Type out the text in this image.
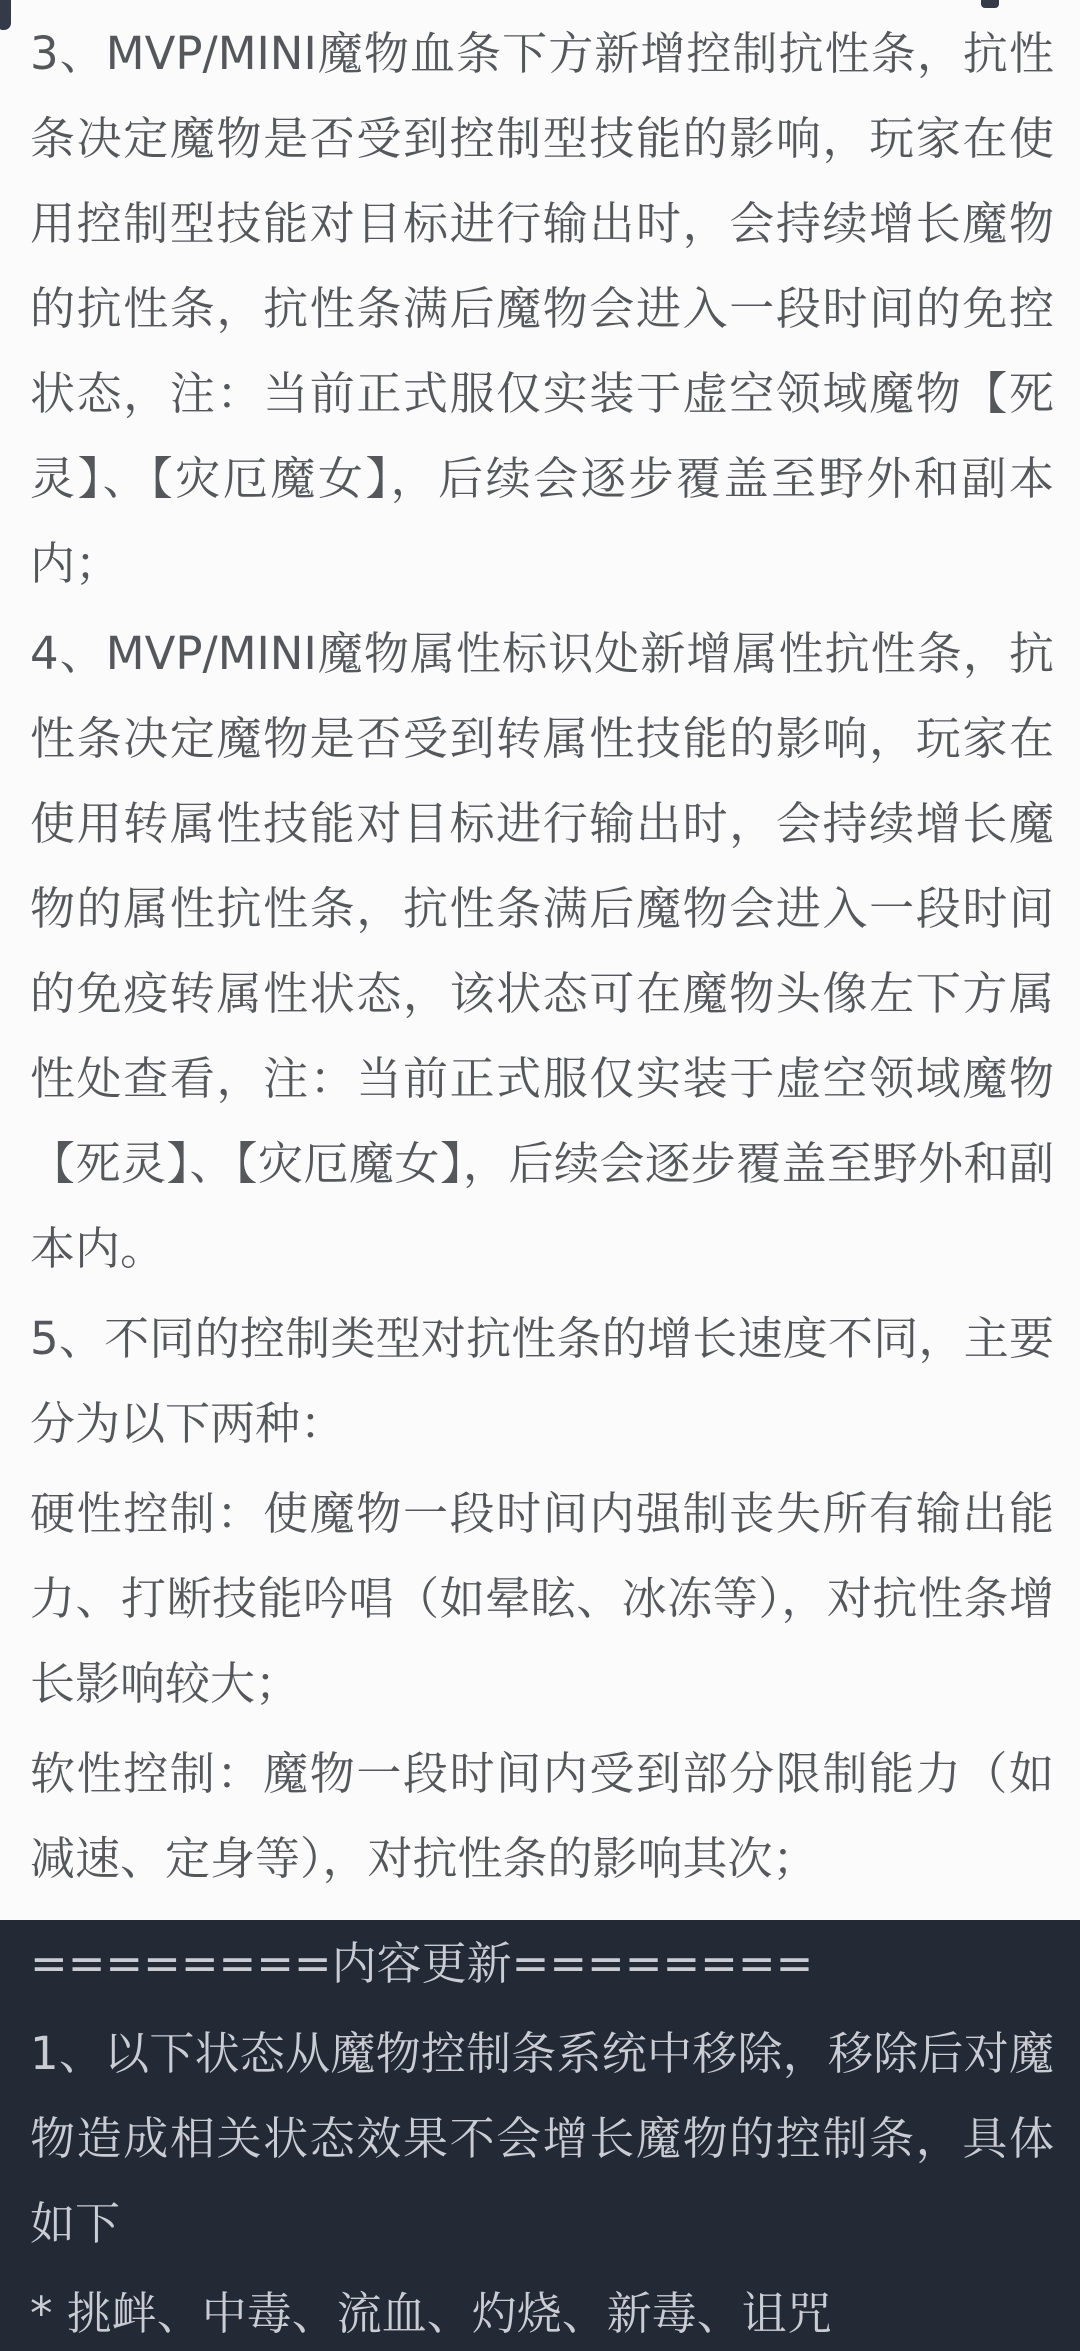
3、MVP/MINI魔物血条下方新增控制抗性条，抗性条决定魔物是否受到控制型技能的影响，玩家在使用控制型技能对目标进行输出时，会持续增长魔物的抗性条，抗性条满后魔物会进入一段时间的免控状态，注：当前正式服仅实装于虚空领域魔物【死灵】、【灾厄魔女】，后续会逐步覆盖至野外和副本内；

4、MVP/MINI魔物属性标识处新增属性抗性条，抗性条决定魔物是否受到转属性技能的影响，玩家在使用转属性技能对目标进行输出时，会持续增长魔物的属性抗性条，抗性条满后魔物会进入一段时间的免疫转属性状态，该状态可在魔物头像左下方属性处查看，注：当前正式服仅实装于虚空领域魔物【死灵】、【灾厄魔女】，后续会逐步覆盖至野外和副本内。

5、不同的控制类型对抗性条的增长速度不同，主要分为以下两种：

硬性控制：使魔物一段时间内强制丧失所有输出能力、打断技能吟唱（如晕眩、冰冻等），对抗性条增长影响较大；

软性控制：魔物一段时间内受到部分限制能力（如减速、定身等），对抗性条的影响其次；

========内容更新========

1、以下状态从魔物控制条系统中移除，移除后对魔物造成相关状态效果不会增长魔物的控制条，具体如下

* 挑衅、中毒、流血、灼烧、新毒、诅咒
